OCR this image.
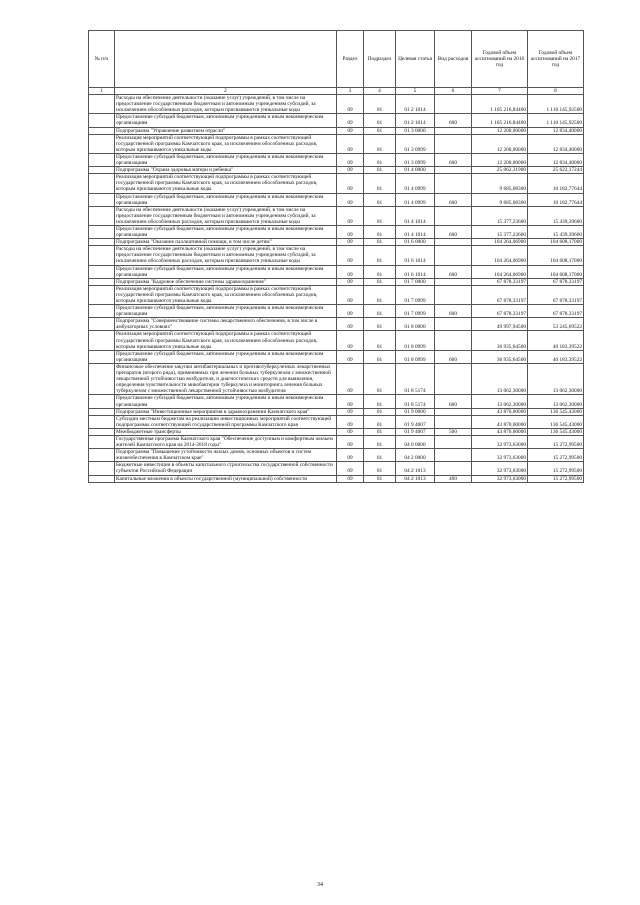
№ п/п		Раздел	Подраздел	Целевая статья	Вид расходов	Годовой объем ассигнований на 2016 год	Годовой объем ассигнований на 2017 год
1	2	3	4	5	6	7	8
	Расходы на обеспечение деятельности (оказание услуг) учреждений, в том числе на предоставление государственным бюджетным и автономным учреждениям субсидий, за исключением обособленных расходов, которым присваиваются уникальные коды	09	01	01 2 1014		1 105 216,84400	1 110 145,92500
	Предоставление субсидий бюджетным, автономным учреждениям и иным некоммерческим организациям	09	01	01 2 1014	600	1 105 216,84400	1 110 145,92500
	Подпрограмма "Управление развитием отрасли"	09	01	01 3 0000		12 200,00000	12 834,40000
	Реализация мероприятий соответствующей подпрограммы в рамках соответствующей государственной программы Камчатского края, за исключением обособленных расходов, которым присваиваются уникальные коды	09	01	01 3 0999		12 200,00000	12 834,40000
	Предоставление субсидий бюджетным, автономным учреждениям и иным некоммерческим организациям	09	01	01 3 0999	600	12 200,00000	12 834,40000
	Подпрограмма "Охрана здоровья матери и ребенка"	09	01	01 4 0000		25 062,31900	25 622,17244
	Реализация мероприятий соответствующей подпрограммы в рамках соответствующей государственной программы Камчатского края, за исключением обособленных расходов, которым присваиваются уникальные коды	09	01	01 4 0999		9 685,08300	10 182,77644
	Предоставление субсидий бюджетным, автономным учреждениям и иным некоммерческим организациям	09	01	01 4 0999	600	9 685,08300	10 182,77644
	Расходы на обеспечение деятельности (оказание услуг) учреждений, в том числе на предоставление государственным бюджетным и автономным учреждениям субсидий, за исключением обособленных расходов, которым присваиваются уникальные коды	09	01	01 4 1014		15 377,23600	15 439,39600
	Предоставление субсидий бюджетным, автономным учреждениям и иным некоммерческим организациям	09	01	01 4 1014	600	15 377,23600	15 439,39600
	Подпрограмма "Оказание паллиативной помощи, в том числе детям"	09	01	01 6 0000		104 264,06900	104 608,17000
	Расходы на обеспечение деятельности (оказание услуг) учреждений, в том числе на предоставление государственным бюджетным и автономным учреждениям субсидий, за исключением обособленных расходов, которым присваиваются уникальные коды	09	01	01 6 1014		104 264,06900	104 608,17000
	Предоставление субсидий бюджетным, автономным учреждениям и иным некоммерческим организациям	09	01	01 6 1014	600	104 264,06900	104 608,17000
	Подпрограмма "Кадровое обеспечение системы здравоохранения"	09	01	01 7 0000		67 878,33197	67 878,33197
	Реализация мероприятий соответствующей подпрограммы в рамках соответствующей государственной программы Камчатского края, за исключением обособленных расходов, которым присваиваются уникальные коды	09	01	01 7 0999		67 878,33197	67 878,33197
	Предоставление субсидий бюджетным, автономным учреждениям и иным некоммерческим организациям	09	01	01 7 0999	600	67 878,33197	67 878,33197
	Подпрограмма "Совершенствование системы лекарственного обеспечения, в том числе в амбулаторных условиях"	09	01	01 8 0000		49 997,94500	53 245,69522
	Реализация мероприятий соответствующей подпрограммы в рамках соответствующей государственной программы Камчатского края, за исключением обособленных расходов, которым присваиваются уникальные коды	09	01	01 8 0999		36 935,64500	40 183,39522
	Предоставление субсидий бюджетным, автономным учреждениям и иным некоммерческим организациям	09	01	01 8 0999	600	36 935,64500	40 183,39522
	Финансовое обеспечение закупки антибактериальных и противотуберкулезных лекарственных препаратов (второго ряда), применяемых при лечении больных туберкулезом с множественной лекарственной устойчивостью возбудителя, и диагностических средств для выявления, определения чувствительности микобактерии туберкулеза и мониторинга лечения больных туберкулезом с множественной лекарственной устойчивостью возбудителя	09	01	01 8 5174		13 062,30000	13 062,30000
	Предоставление субсидий бюджетным, автономным учреждениям и иным некоммерческим организациям	09	01	01 8 5174	600	13 062,30000	13 062,30000
	Подпрограмма "Инвестиционные мероприятия в здравоохранении Камчатского края"	09	01	01 9 0000		43 870,00000	136 545,43000
	Субсидии местным бюджетам на реализацию инвестиционных мероприятий соответствующей подпрограммы соответствующей государственной программы Камчатского края	09	01	01 9 4007		43 870,00000	136 545,43000
	Межбюджетные трансферты	09	01	01 9 4007	500	43 870,00000	136 545,43000
	Государственная программа Камчатского края "Обеспечение доступным и комфортным жильем жителей Камчатского края на 2014-2018 годы"	09	01	04 0 0000		32 973,63000	15 272,99500
	Подпрограмма "Повышение устойчивости жилых домов, основных объектов и систем жизнеобеспечения в Камчатском крае"	09	01	04 2 0000		32 973,63000	15 272,99500
	Бюджетные инвестиции в объекты капитального строительства государственной собственности субъектов Российской Федерации	09	01	04 2 1013		32 973,63000	15 272,99500
	Капитальные вложения в объекты государственной (муниципальной) собственности	09	01	04 2 1013	400	32 973,63000	15 272,99500
34
